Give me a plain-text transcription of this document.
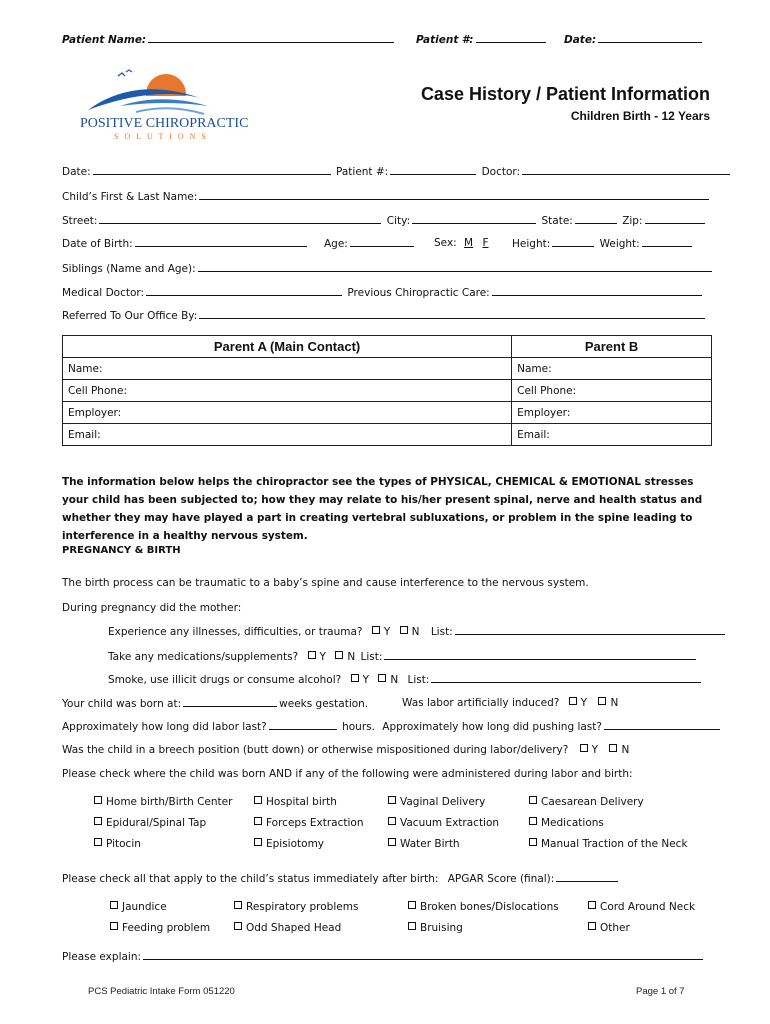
Patient Name:	Patient #:	Date:
POSITIVE CHIROPRACTIC
S O L U T I O N S
Case History / Patient Information
Children Birth - 12 Years
Date:	Patient #:	Doctor:
Child’s First & Last Name:
Street:	City:	State:	Zip:
Date of Birth:	Age:	Sex: M F Height:	Weight:
Siblings (Name and Age):
Medical Doctor:	Previous Chiropractic Care:
Referred To Our Office By:
Parent A (Main Contact)	Parent B
Name:	Name:
Cell Phone:	Cell Phone:
Employer:	Employer:
Email:	Email:
The information below helps the chiropractor see the types of PHYSICAL, CHEMICAL & EMOTIONAL stresses your child has been subjected to; how they may relate to his/her present spinal, nerve and health status and whether they may have played a part in creating vertebral subluxations, or problem in the spine leading to interference in a healthy nervous system.
PREGNANCY & BIRTH
The birth process can be traumatic to a baby’s spine and cause interference to the nervous system.
During pregnancy did the mother:
Experience any illnesses, difficulties, or trauma? Y N List:
Take any medications/supplements? Y N List:
Smoke, use illicit drugs or consume alcohol? Y N List:
Your child was born at:	weeks gestation.	Was labor artificially induced? Y N
Approximately how long did labor last?	hours. Approximately how long did pushing last?
Was the child in a breech position (butt down) or otherwise mispositioned during labor/delivery? Y N
Please check where the child was born AND if any of the following were administered during labor and birth:
Home birth/Birth Center	Hospital birth	Vaginal Delivery	Caesarean Delivery
Epidural/Spinal Tap	Forceps Extraction	Vacuum Extraction	Medications
Pitocin	Episiotomy	Water Birth	Manual Traction of the Neck
Please check all that apply to the child’s status immediately after birth: APGAR Score (final):
Jaundice	Respiratory problems	Broken bones/Dislocations	Cord Around Neck
Feeding problem	Odd Shaped Head	Bruising	Other
Please explain:
PCS Pediatric Intake Form 051220	Page 1 of 7
